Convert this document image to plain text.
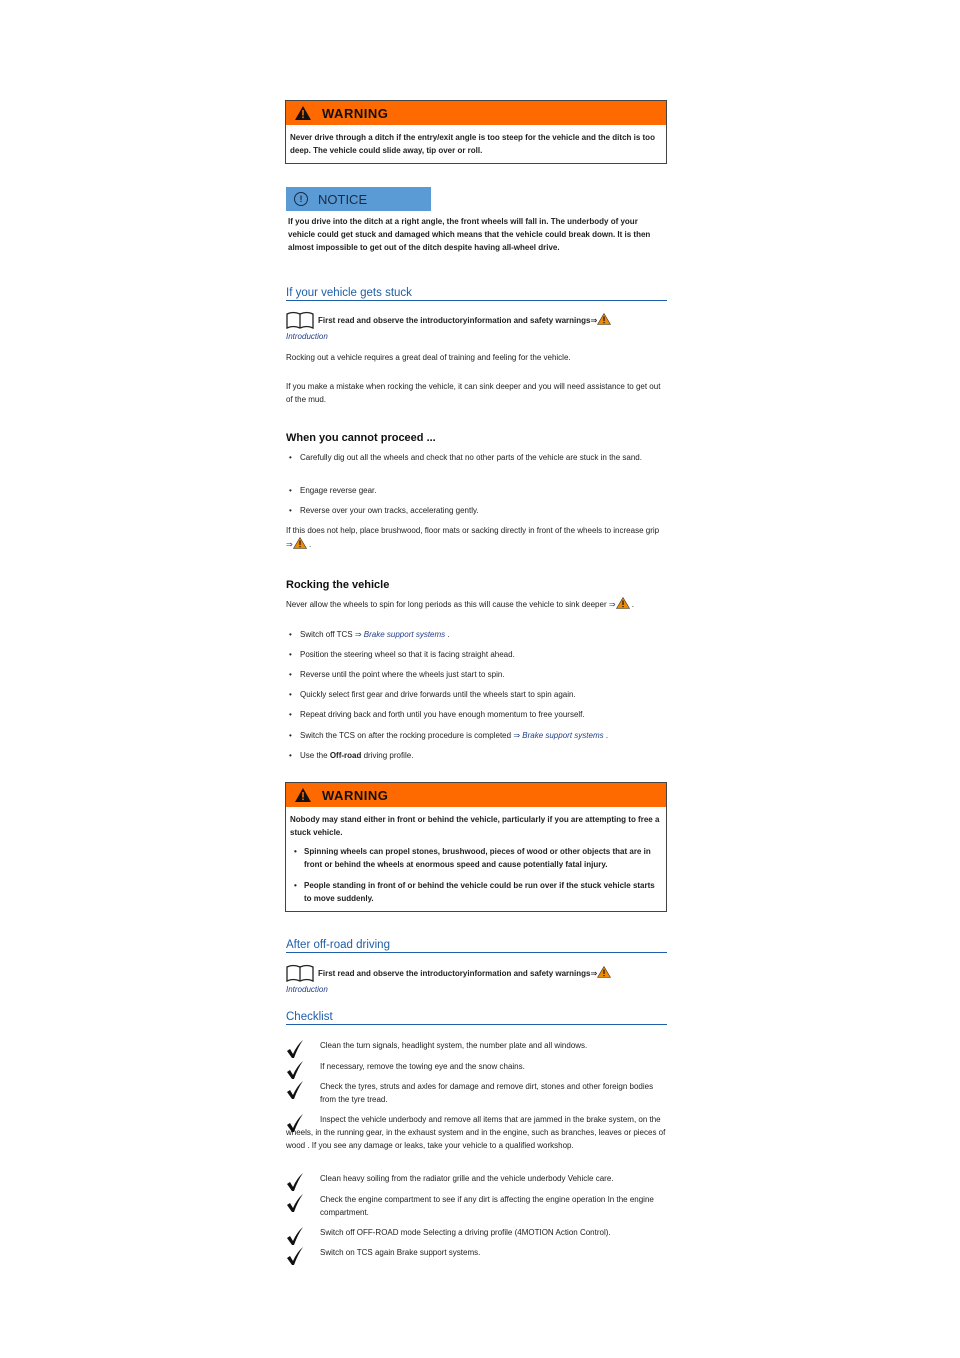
WARNING
Never drive through a ditch if the entry/exit angle is too steep for the vehicle and the ditch is too deep. The vehicle could slide away, tip over or roll.
!	NOTICE
If you drive into the ditch at a right angle, the front wheels will fall in. The underbody of your vehicle could get stuck and damaged which means that the vehicle could break down. It is then almost impossible to get out of the ditch despite having all-wheel drive.
If your vehicle gets stuck
First read and observe the introductoryinformation and safety warnings⇒
Introduction
Rocking out a vehicle requires a great deal of training and feeling for the vehicle.
If you make a mistake when rocking the vehicle, it can sink deeper and you will need assistance to get out of the mud.
When you cannot proceed ...
• Carefully dig out all the wheels and check that no other parts of the vehicle are stuck in the sand.
• Engage reverse gear.
• Reverse over your own tracks, accelerating gently.
If this does not help, place brushwood, floor mats or sacking directly in front of the wheels to increase grip ⇒ .
Rocking the vehicle
Never allow the wheels to spin for long periods as this will cause the vehicle to sink deeper ⇒ .
• Switch off TCS ⇒ Brake support systems .
• Position the steering wheel so that it is facing straight ahead.
• Reverse until the point where the wheels just start to spin.
• Quickly select first gear and drive forwards until the wheels start to spin again.
• Repeat driving back and forth until you have enough momentum to free yourself.
• Switch the TCS on after the rocking procedure is completed ⇒ Brake support systems .
• Use the Off-road driving profile.
WARNING
Nobody may stand either in front or behind the vehicle, particularly if you are attempting to free a stuck vehicle.
• Spinning wheels can propel stones, brushwood, pieces of wood or other objects that are in front or behind the wheels at enormous speed and cause potentially fatal injury.
• People standing in front of or behind the vehicle could be run over if the stuck vehicle starts to move suddenly.
After off-road driving
First read and observe the introductoryinformation and safety warnings⇒
Introduction
Checklist
Clean the turn signals, headlight system, the number plate and all windows.
If necessary, remove the towing eye and the snow chains.
Check the tyres, struts and axles for damage and remove dirt, stones and other foreign bodies from the tyre tread.
Inspect the vehicle underbody and remove all items that are jammed in the brake system, on the wheels, in the running gear, in the exhaust system and in the engine, such as branches, leaves or pieces of wood . If you see any damage or leaks, take your vehicle to a qualified workshop.
Clean heavy soiling from the radiator grille and the vehicle underbody Vehicle care.
Check the engine compartment to see if any dirt is affecting the engine operation In the engine compartment.
Switch off OFF-ROAD mode Selecting a driving profile (4MOTION Action Control).
Switch on TCS again Brake support systems.
